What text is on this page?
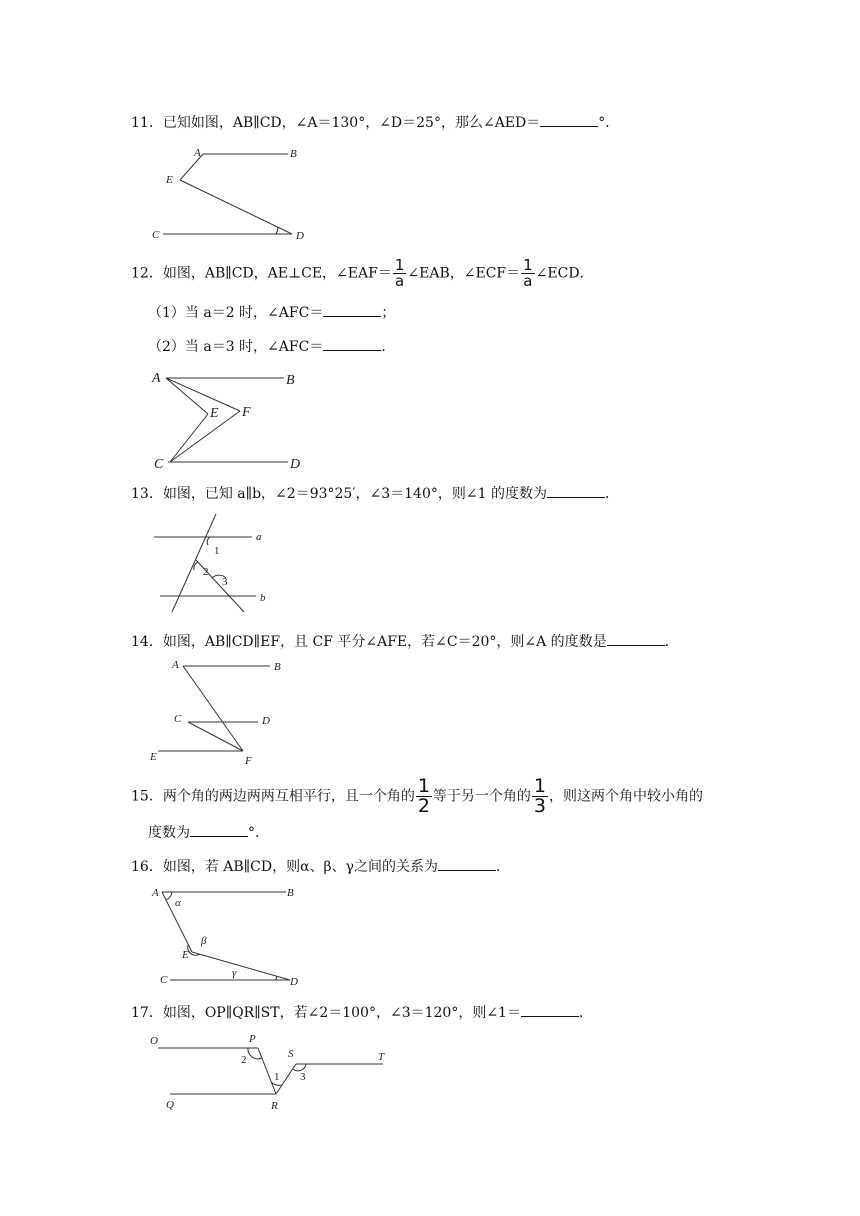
11．已知如图，AB∥CD，∠A＝130°，∠D＝25°，那么∠AED＝	°．
A	B
E
C	D
12．如图，AB∥CD，AE⊥CE，∠EAF＝ $\frac{1}{a}$ ∠EAB，∠ECF＝ $\frac{1}{a}$ ∠ECD．
（1）当 a＝2 时，∠AFC＝	；
（2）当 a＝3 时，∠AFC＝	．
A	B
E F
C	D
13．如图，已知 a∥b，∠2＝93°25′，∠3＝140°，则∠1 的度数为	．
a
b
1
2
3
14．如图，AB∥CD∥EF，且 CF 平分∠AFE，若∠C＝20°，则∠A 的度数是	．
A	B
C	D
E	F
15．两个角的两边两两互相平行，且一个角的 $\frac{1}{2}$ 等于另一个角的 $\frac{1}{3}$ ，则这两个角中较小角的
度数为	°．
16．如图，若 AB∥CD，则α、β、γ之间的关系为	．
A	B
E
C	D
α
β
γ
17．如图，OP∥QR∥ST，若∠2＝100°，∠3＝120°，则∠1＝	．
O	P
Q	R
S	T
1
2
3
